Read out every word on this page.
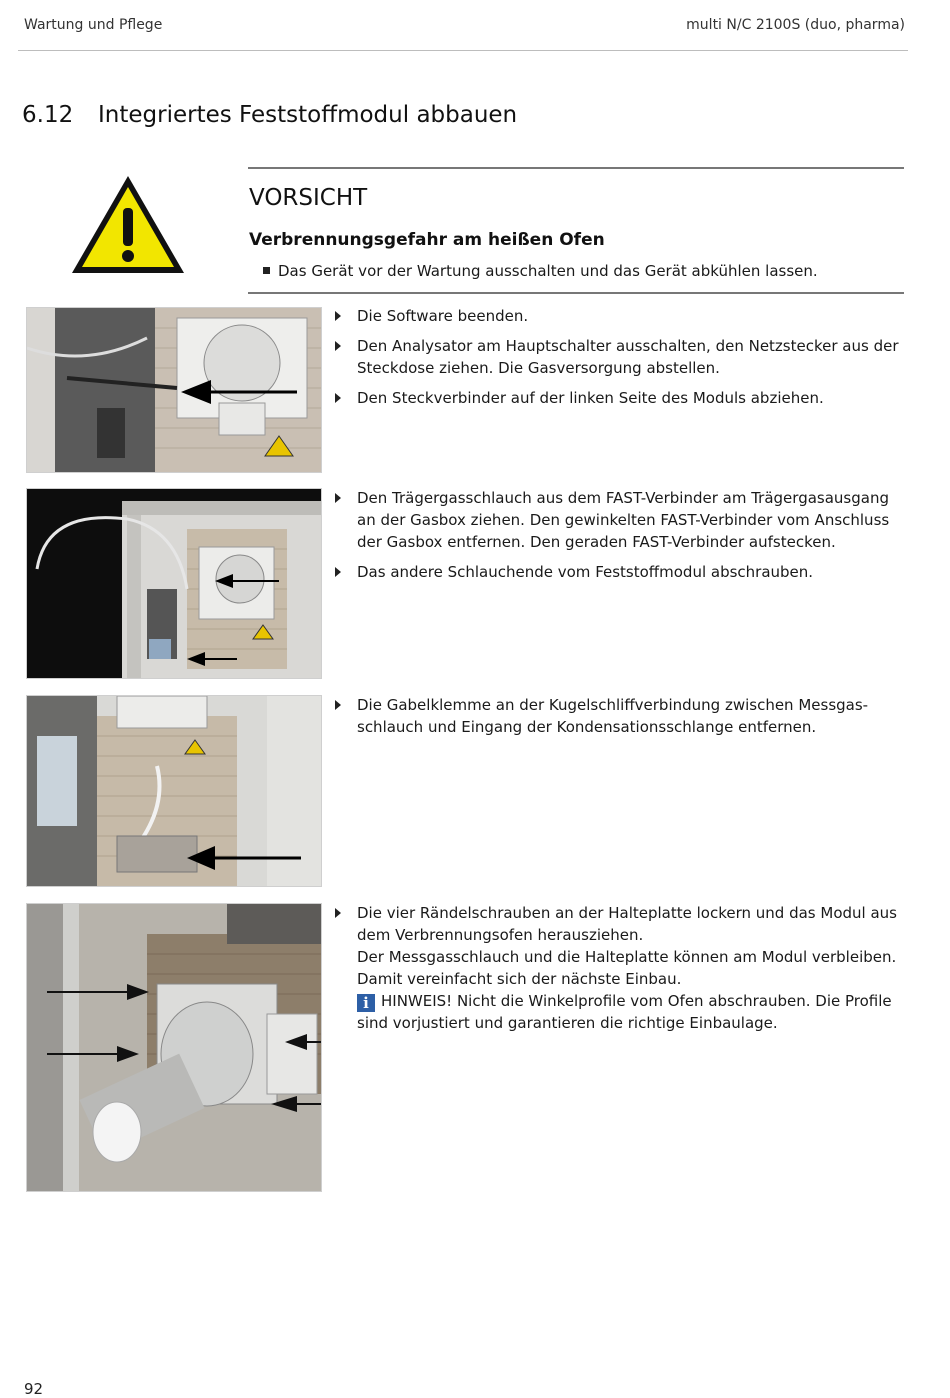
Wartung und Pflege	multi N/C 2100S (duo, pharma)
6.12 Integriertes Feststoffmodul abbauen
VORSICHT
Verbrennungsgefahr am heißen Ofen
Das Gerät vor der Wartung ausschalten und das Gerät abkühlen lassen.
Die Software beenden.
Den Analysator am Hauptschalter ausschalten, den Netzstecker aus der Steckdose ziehen. Die Gasversorgung abstellen.
Den Steckverbinder auf der linken Seite des Moduls abziehen.
Den Trägergasschlauch aus dem FAST-Verbinder am Trägergasausgang an der Gasbox ziehen. Den gewinkelten FAST-Verbinder vom Anschluss der Gasbox entfernen. Den geraden FAST-Verbinder aufstecken.
Das andere Schlauchende vom Feststoffmodul abschrauben.
Die Gabelklemme an der Kugelschliffverbindung zwischen Messgas- schlauch und Eingang der Kondensationsschlange entfernen.
Die vier Rändelschrauben an der Halteplatte lockern und das Modul aus dem Verbrennungsofen herausziehen.
Der Messgasschlauch und die Halteplatte können am Modul verbleiben. Damit vereinfacht sich der nächste Einbau.
i HINWEIS! Nicht die Winkelprofile vom Ofen abschrauben. Die Profile sind vorjustiert und garantieren die richtige Einbaulage.
92
